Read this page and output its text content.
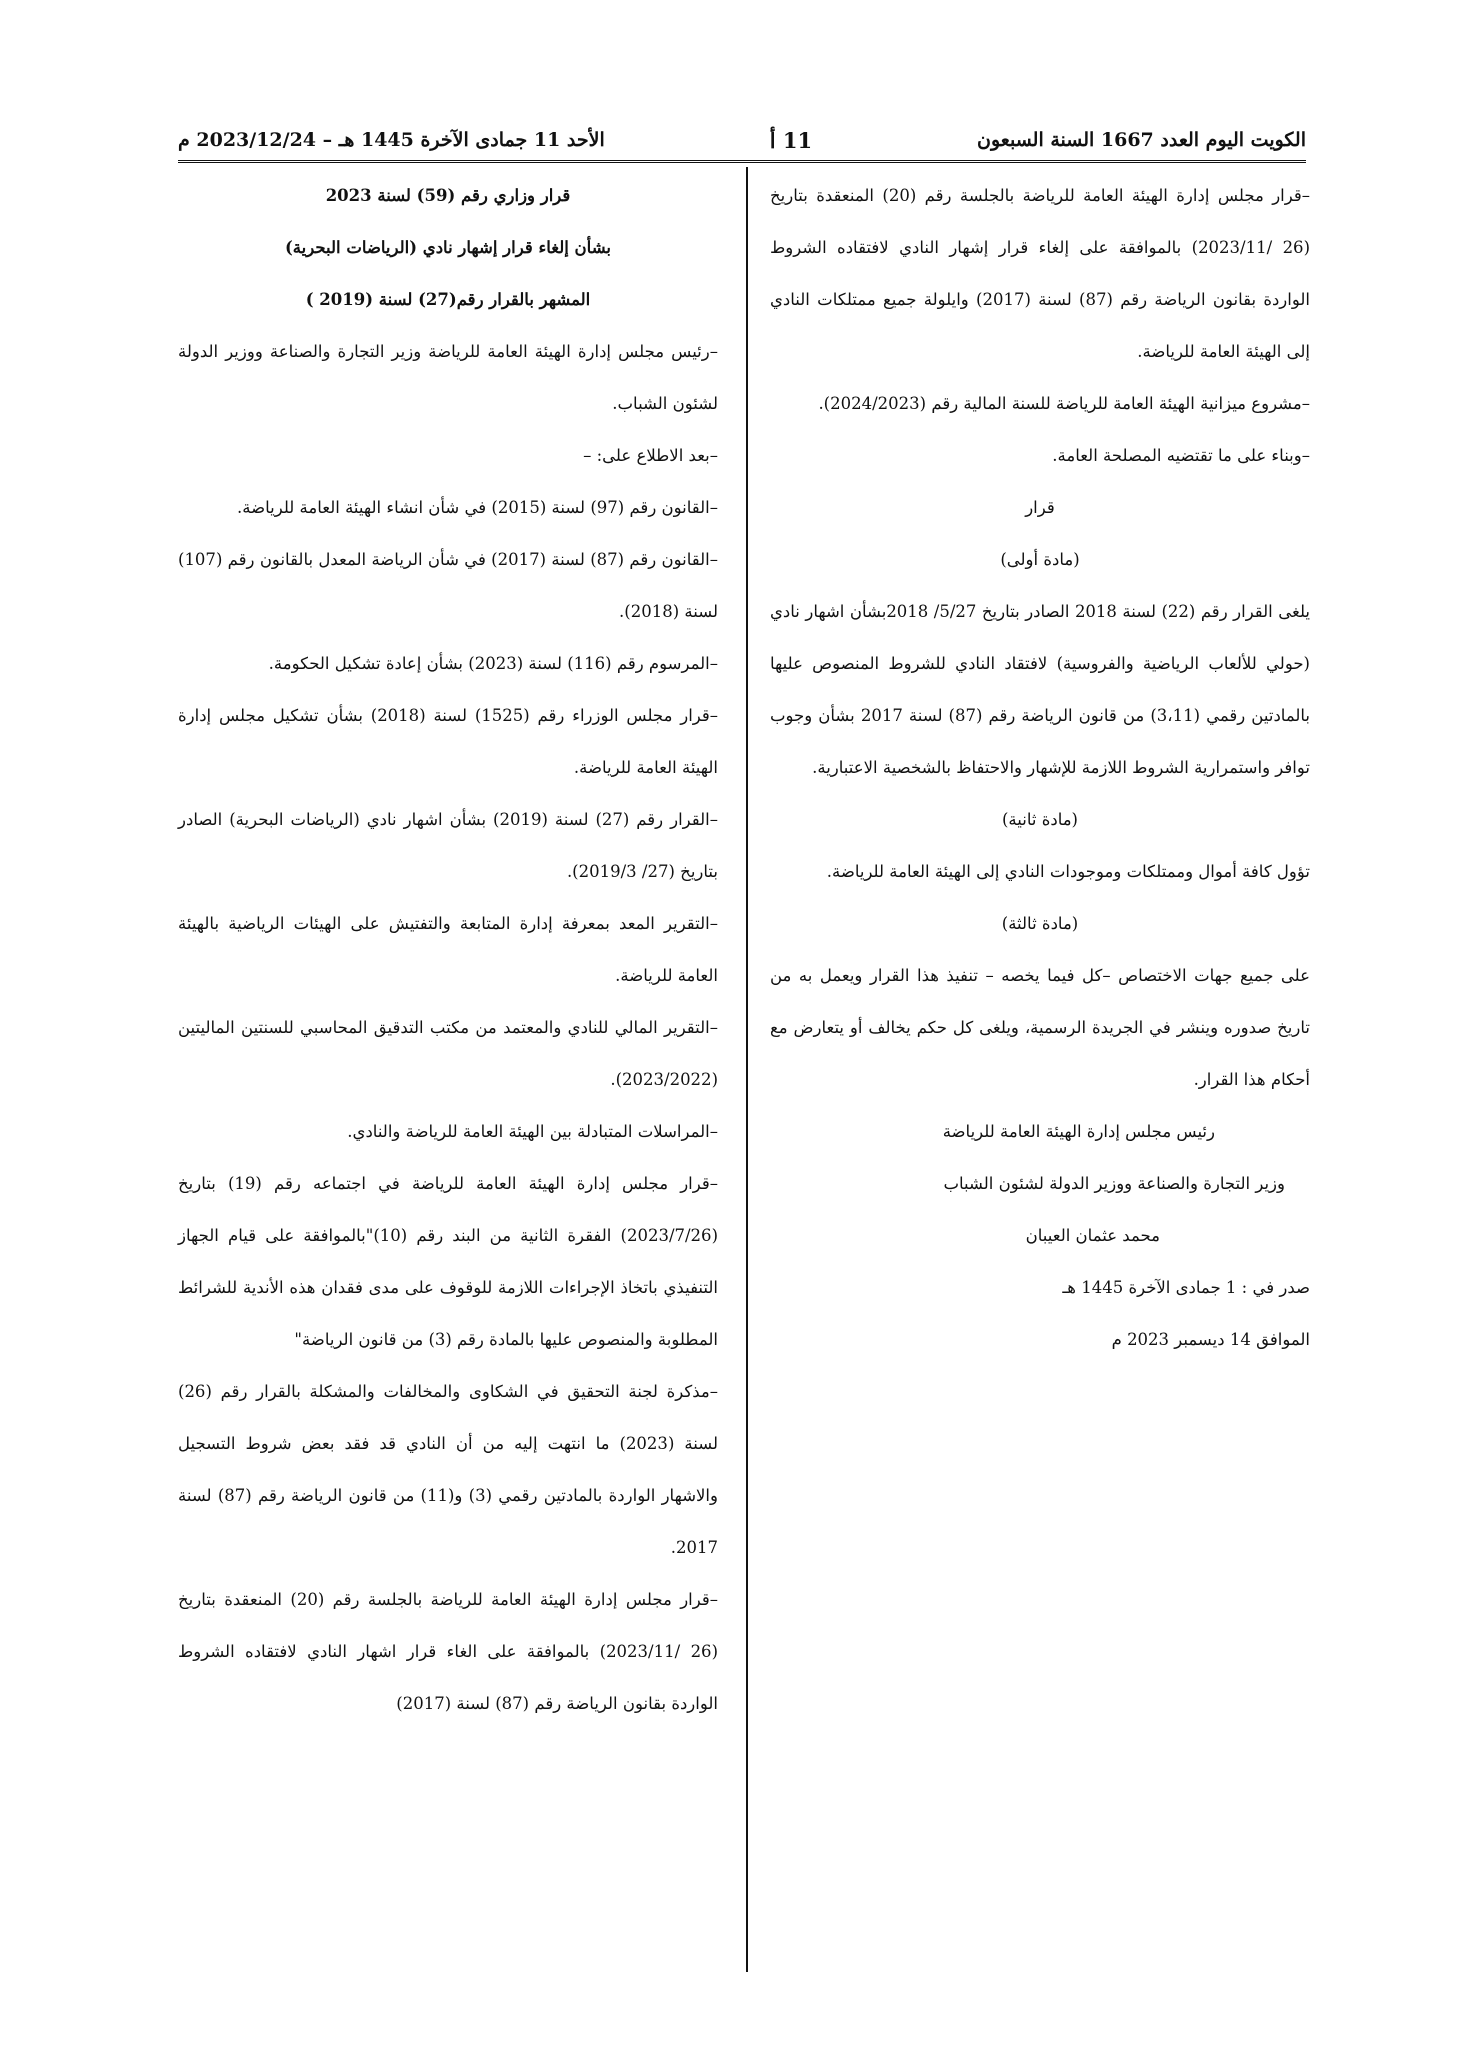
الكويت اليوم العدد 1667 السنة السبعون
11 أ
الأحد 11 جمادى الآخرة 1445 هـ – 2023/12/24 م

–قرار مجلس إدارة الهيئة العامة للرياضة بالجلسة رقم (20) المنعقدة بتاريخ (26 /2023/11) بالموافقة على إلغاء قرار إشهار النادي لافتقاده الشروط الواردة بقانون الرياضة رقم (87) لسنة (2017) وايلولة جميع ممتلكات النادي إلى الهيئة العامة للرياضة.

–مشروع ميزانية الهيئة العامة للرياضة للسنة المالية رقم (2024/2023).

–وبناء على ما تقتضيه المصلحة العامة.

قرار

(مادة أولى)

يلغى القرار رقم (22) لسنة 2018 الصادر بتاريخ 5/27/ 2018بشأن اشهار نادي (حولي للألعاب الرياضية والفروسية) لافتقاد النادي للشروط المنصوص عليها بالمادتين رقمي (3،11) من قانون الرياضة رقم (87) لسنة 2017 بشأن وجوب توافر واستمرارية الشروط اللازمة للإشهار والاحتفاظ بالشخصية الاعتبارية.

(مادة ثانية)

تؤول كافة أموال وممتلكات وموجودات النادي إلى الهيئة العامة للرياضة.

(مادة ثالثة)

على جميع جهات الاختصاص –كل فيما يخصه – تنفيذ هذا القرار ويعمل به من تاريخ صدوره وينشر في الجريدة الرسمية، ويلغى كل حكم يخالف أو يتعارض مع أحكام هذا القرار.

رئيس مجلس إدارة الهيئة العامة للرياضة

وزير التجارة والصناعة ووزير الدولة لشئون الشباب

محمد عثمان العيبان

صدر في : 1 جمادى الآخرة 1445 هـ

الموافق 14 ديسمبر 2023 م

قرار وزاري رقم (59) لسنة 2023

بشأن إلغاء قرار إشهار نادي (الرياضات البحرية)

المشهر بالقرار رقم(27) لسنة (2019 )

–رئيس مجلس إدارة الهيئة العامة للرياضة وزير التجارة والصناعة ووزير الدولة لشئون الشباب.

–بعد الاطلاع على: –

–القانون رقم (97) لسنة (2015) في شأن انشاء الهيئة العامة للرياضة.

–القانون رقم (87) لسنة (2017) في شأن الرياضة المعدل بالقانون رقم (107) لسنة (2018).

–المرسوم رقم (116) لسنة (2023) بشأن إعادة تشكيل الحكومة.

–قرار مجلس الوزراء رقم (1525) لسنة (2018) بشأن تشكيل مجلس إدارة الهيئة العامة للرياضة.

–القرار رقم (27) لسنة (2019) بشأن اشهار نادي (الرياضات البحرية) الصادر بتاريخ (27/ 2019/3).

–التقرير المعد بمعرفة إدارة المتابعة والتفتيش على الهيئات الرياضية بالهيئة العامة للرياضة.

–التقرير المالي للنادي والمعتمد من مكتب التدقيق المحاسبي للسنتين الماليتين (2023/2022).

–المراسلات المتبادلة بين الهيئة العامة للرياضة والنادي.

–قرار مجلس إدارة الهيئة العامة للرياضة في اجتماعه رقم (19) بتاريخ (2023/7/26) الفقرة الثانية من البند رقم (10)"بالموافقة على قيام الجهاز التنفيذي باتخاذ الإجراءات اللازمة للوقوف على مدى فقدان هذه الأندية للشرائط المطلوبة والمنصوص عليها بالمادة رقم (3) من قانون الرياضة"

–مذكرة لجنة التحقيق في الشكاوى والمخالفات والمشكلة بالقرار رقم (26) لسنة (2023) ما انتهت إليه من أن النادي قد فقد بعض شروط التسجيل والاشهار الواردة بالمادتين رقمي (3) و(11) من قانون الرياضة رقم (87) لسنة 2017.

–قرار مجلس إدارة الهيئة العامة للرياضة بالجلسة رقم (20) المنعقدة بتاريخ (26 /2023/11) بالموافقة على الغاء قرار اشهار النادي لافتقاده الشروط الواردة بقانون الرياضة رقم (87) لسنة (2017)
